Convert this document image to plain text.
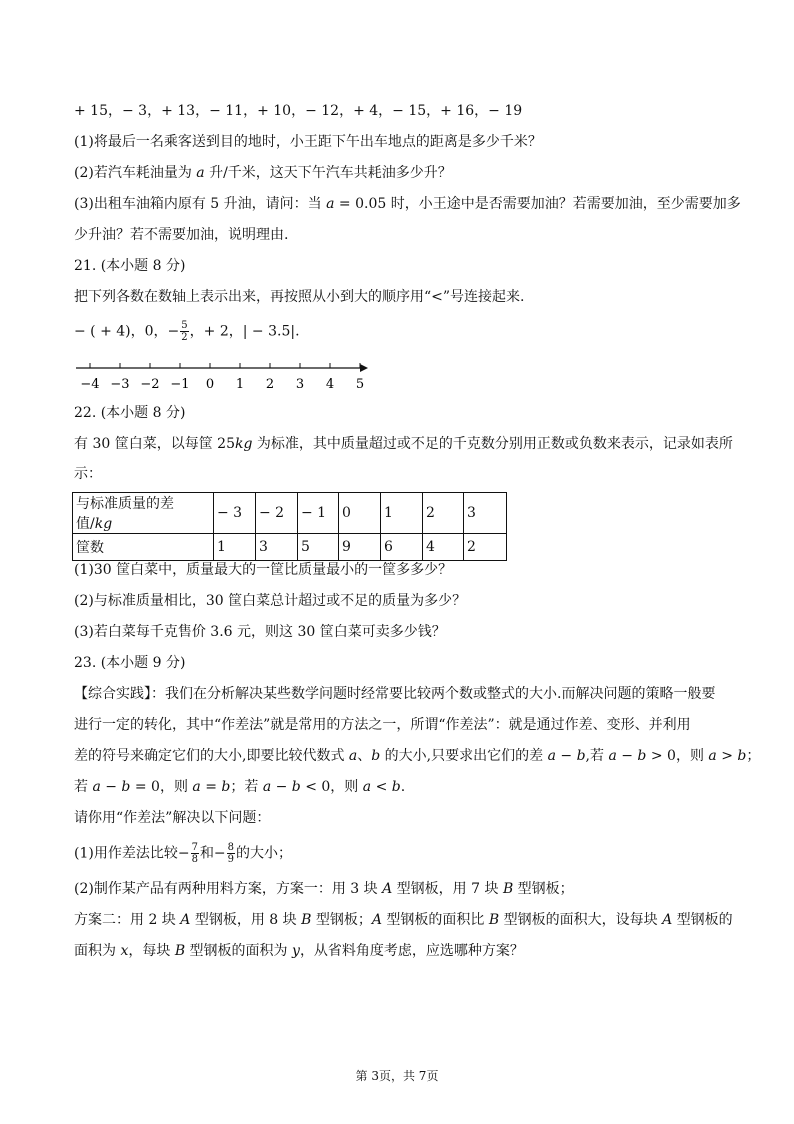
+ 15，− 3，+ 13，− 11，+ 10，− 12，+ 4，− 15，+ 16，− 19
(1)将最后一名乘客送到目的地时，小王距下午出车地点的距离是多少千米？
(2)若汽车耗油量为 a 升/千米，这天下午汽车共耗油多少升？
(3)出租车油箱内原有 5 升油，请问：当 a = 0.05 时，小王途中是否需要加油？若需要加油，至少需要加多
少升油？若不需要加油，说明理由.
21. (本小题 8 分)
把下列各数在数轴上表示出来，再按照从小到大的顺序用“<”号连接起来.
− ( + 4)，0，− $\frac{5}{2}$ ，+ 2，| − 3.5|.
−4 −3 −2 −1 0 1 2 3 4 5
22. (本小题 8 分)
有 30 筐白菜，以每筐 25kg 为标准，其中质量超过或不足的千克数分别用正数或负数来表示，记录如表所
示：
与标准质量的差值/kg	− 3	− 2	− 1	0	1	2	3
筐数	1	3	5	9	6	4	2
(1)30 筐白菜中，质量最大的一筐比质量最小的一筐多多少？
(2)与标准质量相比，30 筐白菜总计超过或不足的质量为多少？
(3)若白菜每千克售价 3.6 元，则这 30 筐白菜可卖多少钱？
23. (本小题 9 分)
【综合实践】：我们在分析解决某些数学问题时经常要比较两个数或整式的大小.而解决问题的策略一般要
进行一定的转化，其中“作差法”就是常用的方法之一，所谓“作差法”：就是通过作差、变形、并利用
差的符号来确定它们的大小,即要比较代数式 a、b 的大小,只要求出它们的差 a − b,若 a − b > 0，则 a > b；
若 a − b = 0，则 a = b；若 a − b < 0，则 a < b.
请你用“作差法”解决以下问题：
(1)用作差法比较− $\frac{7}{8}$ 和− $\frac{8}{9}$ 的大小；
(2)制作某产品有两种用料方案，方案一：用 3 块 A 型钢板，用 7 块 B 型钢板；
方案二：用 2 块 A 型钢板，用 8 块 B 型钢板；A 型钢板的面积比 B 型钢板的面积大，设每块 A 型钢板的
面积为 x，每块 B 型钢板的面积为 y，从省料角度考虑，应选哪种方案？
第 3页，共 7页
